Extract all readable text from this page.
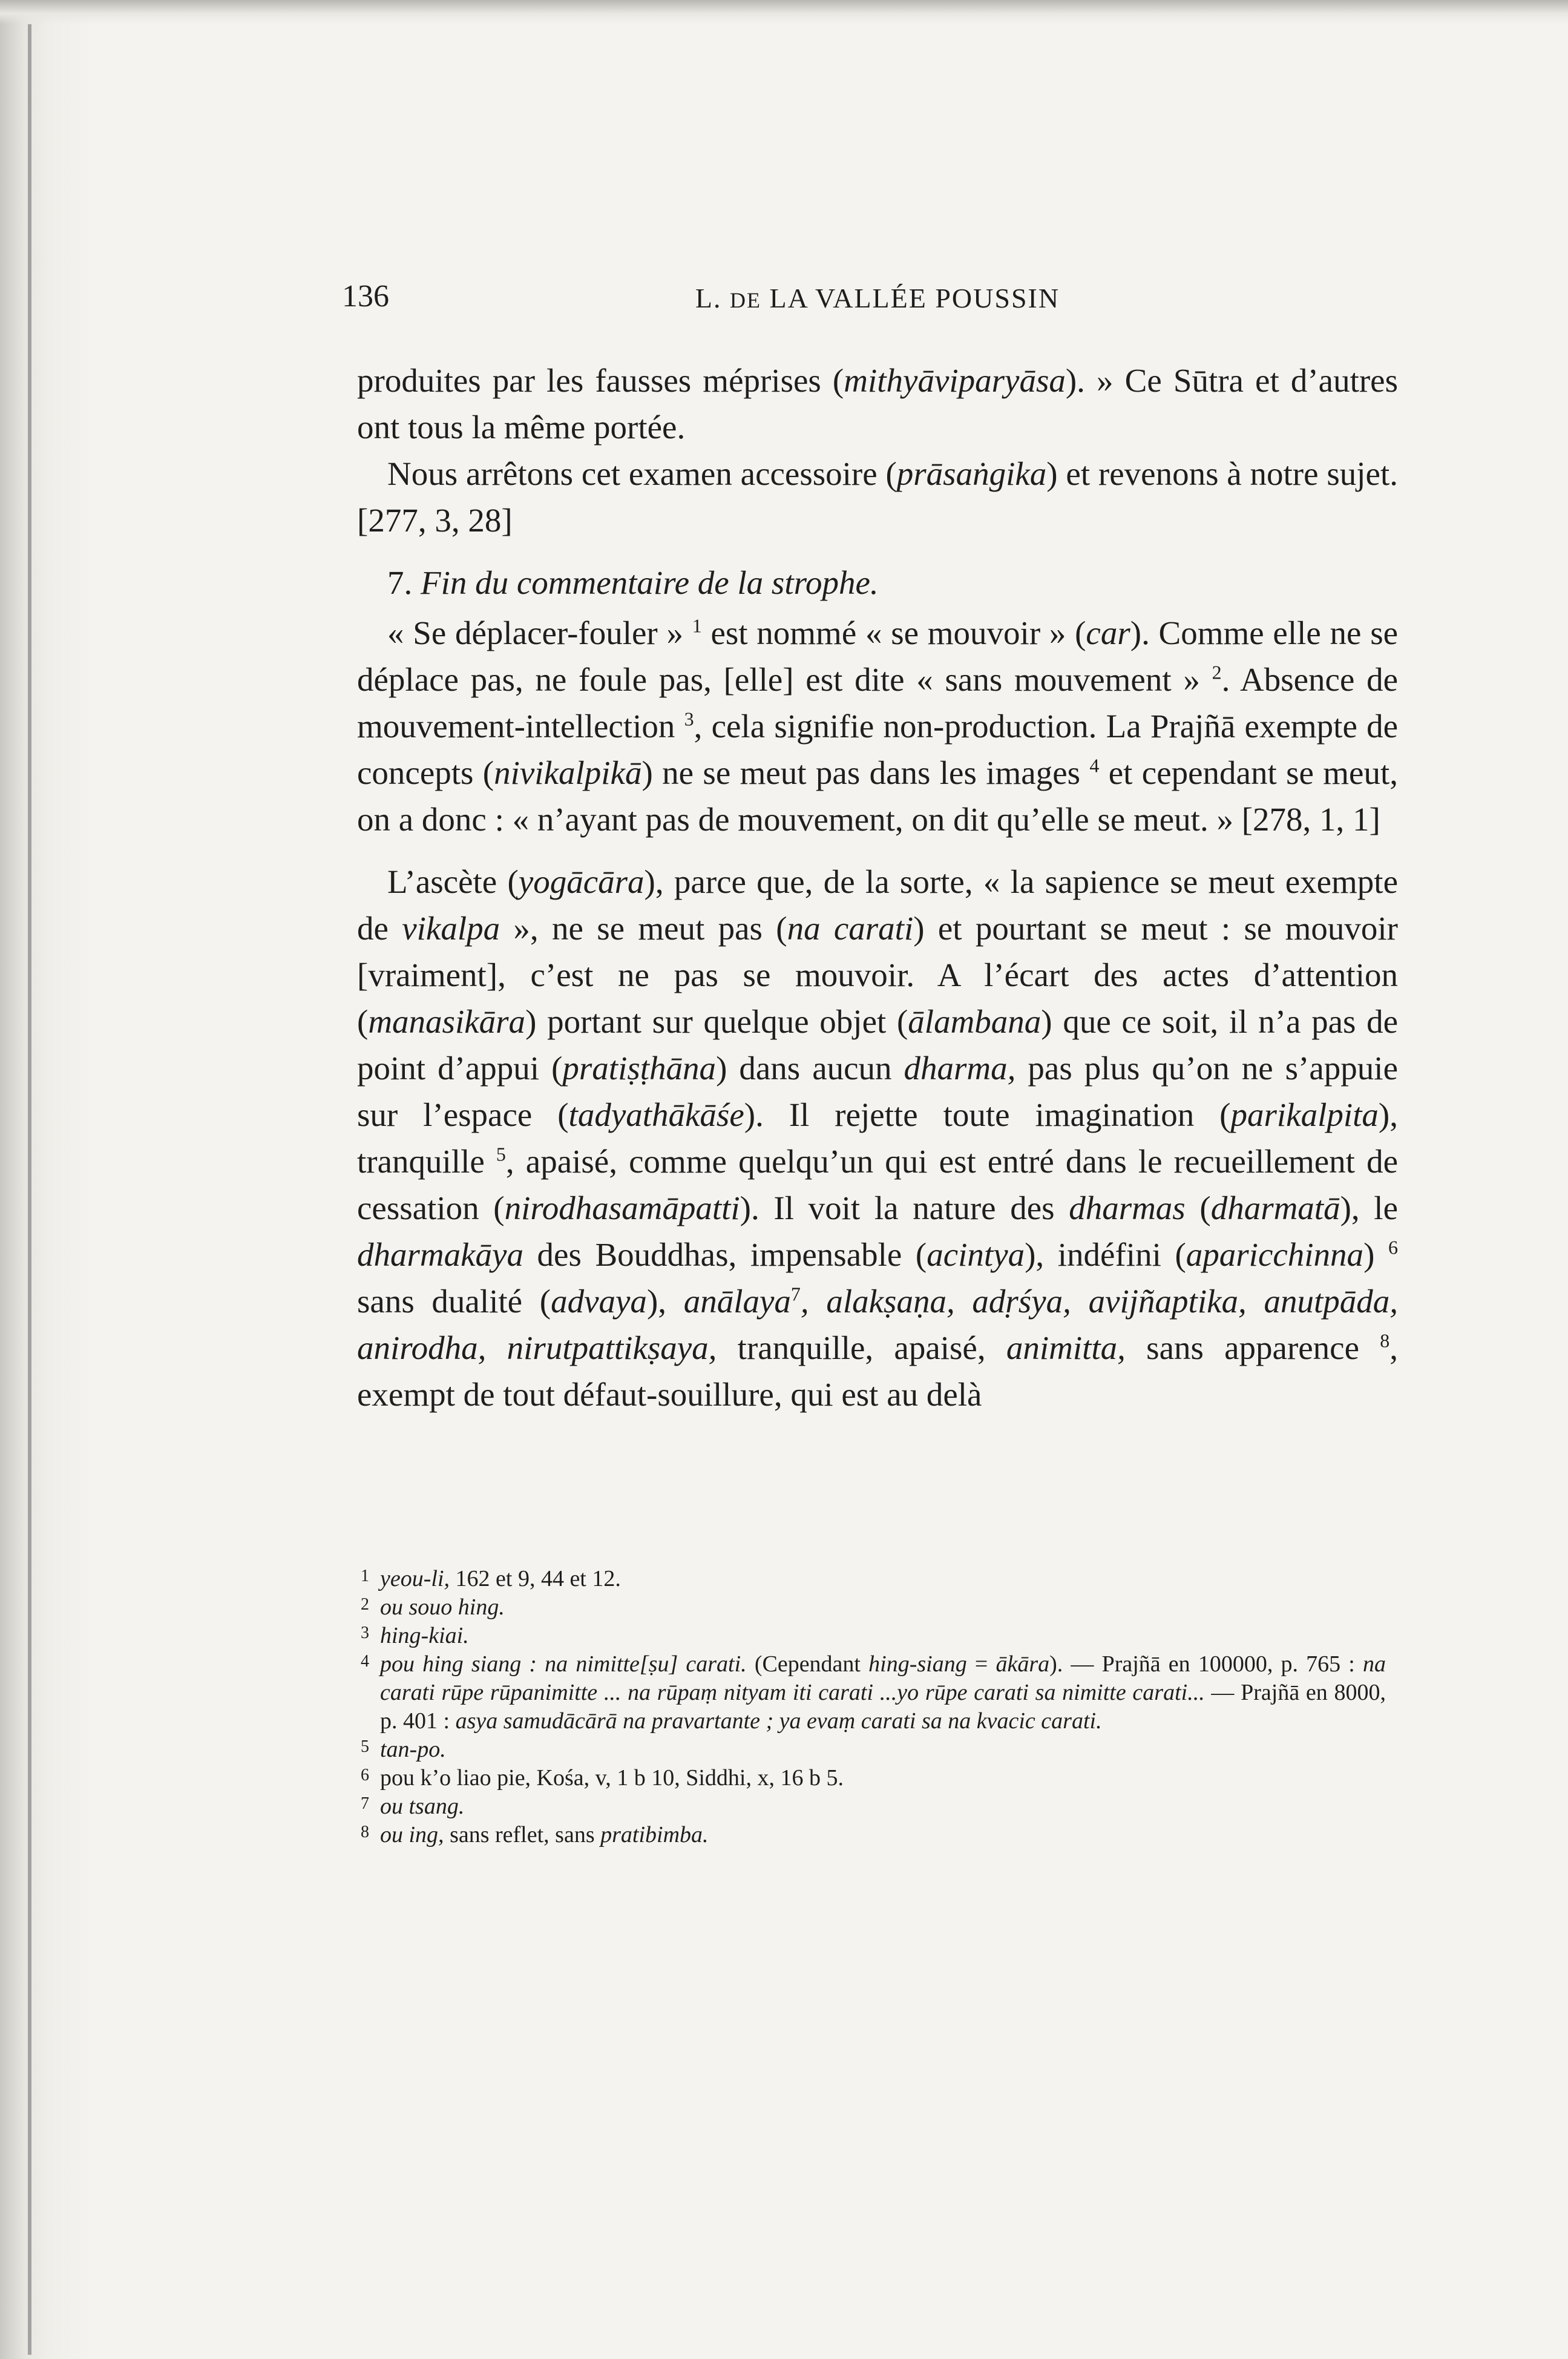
136	L. DE LA VALLÉE POUSSIN

produites par les fausses méprises (mithyāviparyāsa). » Ce Sūtra et d’autres ont tous la même portée.

Nous arrêtons cet examen accessoire (prāsaṅgika) et revenons à notre sujet. [277, 3, 28]

7. Fin du commentaire de la strophe.

« Se déplacer-fouler » $^1$ est nommé « se mouvoir » (car). Comme elle ne se déplace pas, ne foule pas, [elle] est dite « sans mouvement » $^2$. Absence de mouvement-intellection $^3$, cela signifie non-production. La Prajñā exempte de concepts (nivikalpikā) ne se meut pas dans les images $^4$ et cependant se meut, on a donc : « n’ayant pas de mouvement, on dit qu’elle se meut. » [278, 1, 1]

L’ascète (yogācāra), parce que, de la sorte, « la sapience se meut exempte de vikalpa », ne se meut pas (na carati) et pourtant se meut : se mouvoir [vraiment], c’est ne pas se mouvoir. A l’écart des actes d’attention (manasikāra) portant sur quelque objet (ālambana) que ce soit, il n’a pas de point d’appui (pratiṣṭhāna) dans aucun dharma, pas plus qu’on ne s’appuie sur l’espace (tadyathākāśe). Il rejette toute imagination (parikalpita), tranquille $^5$, apaisé, comme quelqu’un qui est entré dans le recueillement de cessation (nirodhasamāpatti). Il voit la nature des dharmas (dharmatā), le dharmakāya des Bouddhas, impensable (acintya), indéfini (aparicchinna) $^6$ sans dualité (advaya), anālaya$^7$, alakṣaṇa, adṛśya, avijñaptika, anutpāda, anirodha, nirutpattikṣaya, tranquille, apaisé, animitta, sans apparence $^8$, exempt de tout défaut-souillure, qui est au delà

1 yeou-li, 162 et 9, 44 et 12.
2 ou souo hing.
3 hing-kiai.
4 pou hing siang : na nimitte[ṣu] carati. (Cependant hing-siang = ākāra). — Prajñā en 100000, p. 765 : na carati rūpe rūpanimitte ... na rūpaṃ nityam iti carati ...yo rūpe carati sa nimitte carati... — Prajñā en 8000, p. 401 : asya samudācārā na pravartante ; ya evaṃ carati sa na kvacic carati.
5 tan-po.
6 pou k’o liao pie, Kośa, v, 1 b 10, Siddhi, x, 16 b 5.
7 ou tsang.
8 ou ing, sans reflet, sans pratibimba.
